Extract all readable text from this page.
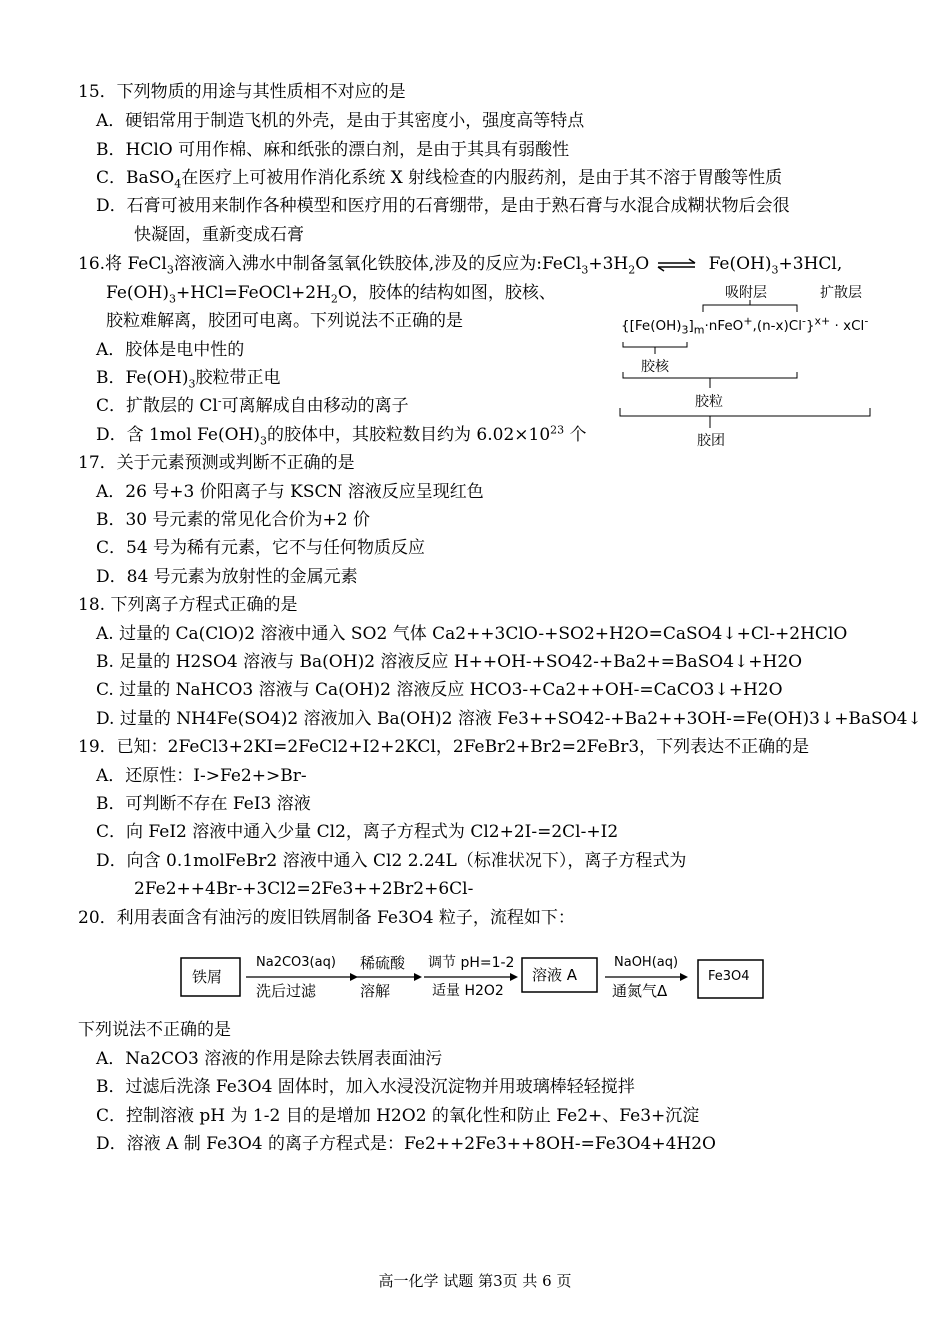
15．下列物质的用途与其性质相不对应的是
A．硬铝常用于制造飞机的外壳，是由于其密度小，强度高等特点
B．HClO 可用作棉、麻和纸张的漂白剂，是由于其具有弱酸性
C．BaSO$_4$在医疗上可被用作消化系统 X 射线检查的内服药剂，是由于其不溶于胃酸等性质
D．石膏可被用来制作各种模型和医疗用的石膏绷带，是由于熟石膏与水混合成糊状物后会很
快凝固，重新变成石膏
16.将 FeCl$_3$溶液滴入沸水中制备氢氧化铁胶体,涉及的反应为$:FeCl_3+3H_2O$ ⇌ $Fe(OH)_3+3HCl$,
$Fe(OH)_3+HCl=FeOCl+2H_2O$，胶体的结构如图，胶核、
胶粒难解离，胶团可电离。下列说法不正确的是
A．胶体是电中性的
B．$Fe(OH)_3$胶粒带正电
C．扩散层的 Cl-可离解成自由移动的离子
D．含 1mol $Fe(OH)_3$的胶体中，其胶粒数目约为 $6.02\times 10^{23}$ 个
吸附层	扩散层
$\{[Fe(OH)_3]_m\cdot nFeO^+,(n-x)Cl^-\}^{x+} \cdot xCl^-$
胶核
胶粒
胶团
17．关于元素预测或判断不正确的是
A．26 号+3 价阳离子与 KSCN 溶液反应呈现红色
B．30 号元素的常见化合价为+2 价
C．54 号为稀有元素，它不与任何物质反应
D．84 号元素为放射性的金属元素
18. 下列离子方程式正确的是
A. 过量的 Ca(ClO)2 溶液中通入 SO2 气体 Ca2++3ClO-+SO2+H2O=CaSO4↓+Cl-+2HClO
B. 足量的 H2SO4 溶液与 Ba(OH)2 溶液反应 H++OH-+SO42-+Ba2+=BaSO4↓+H2O
C. 过量的 NaHCO3 溶液与 Ca(OH)2 溶液反应 HCO3-+Ca2++OH-=CaCO3↓+H2O
D. 过量的 NH4Fe(SO4)2 溶液加入 Ba(OH)2 溶液 Fe3++SO42-+Ba2++3OH-=Fe(OH)3↓+BaSO4↓
19．已知：2FeCl3+2KI=2FeCl2+I2+2KCl，2FeBr2+Br2=2FeBr3，下列表达不正确的是
A．还原性：I->Fe2+>Br-
B．可判断不存在 FeI3 溶液
C．向 FeI2 溶液中通入少量 Cl2，离子方程式为 Cl2+2I-=2Cl-+I2
D．向含 0.1molFeBr2 溶液中通入 Cl2 2.24L（标准状况下），离子方程式为
2Fe2++4Br-+3Cl2=2Fe3++2Br2+6Cl-
20．利用表面含有油污的废旧铁屑制备 Fe3O4 粒子，流程如下：
铁屑
Na2CO3(aq)
洗后过滤
稀硫酸
溶解
调节 pH=1-2
适量 H2O2
溶液 A
NaOH(aq)
通氮气Δ
Fe3O4
下列说法不正确的是
A．Na2CO3 溶液的作用是除去铁屑表面油污
B．过滤后洗涤 Fe3O4 固体时，加入水浸没沉淀物并用玻璃棒轻轻搅拌
C．控制溶液 pH 为 1-2 目的是增加 H2O2 的氧化性和防止 Fe2+、Fe3+沉淀
D．溶液 A 制 Fe3O4 的离子方程式是：Fe2++2Fe3++8OH-=Fe3O4+4H2O
高一化学 试题 第3页 共 6 页
